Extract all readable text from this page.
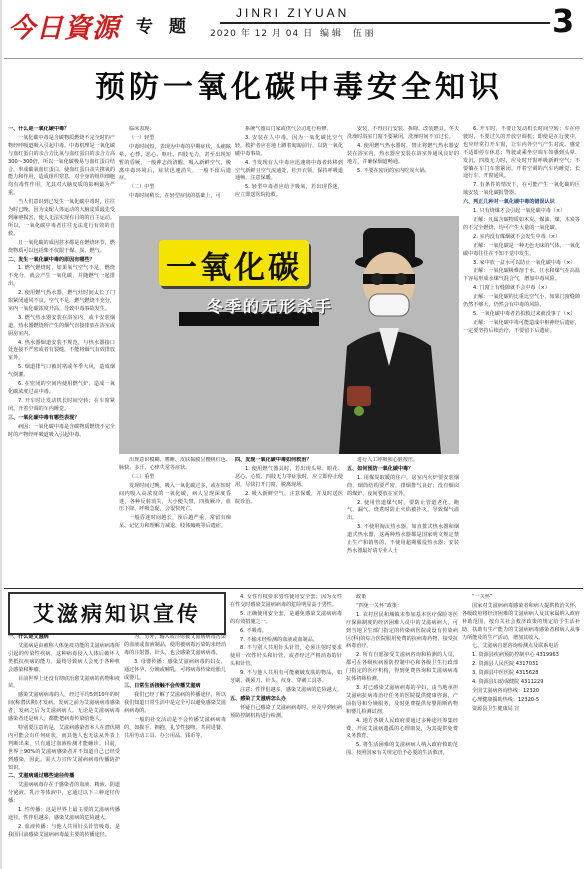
今日資源 专题
JINRI ZIYUAN
2020 年 12 月 04 日 编 辑 　伍 丽	3
预防一氧化碳中毒安全知识

一、什么是一氧化碳中毒？

一氧化碳中毒是含碳物质燃烧不完全时的产物经呼吸道吸入引起中毒。中毒机理是一氧化碳与血红蛋白的亲合力比氧与血红蛋白的亲合力高300～300倍，所以一氧化碳极易与血红蛋白结合，形成碳氧血红蛋白，使血红蛋白丧失携氧的能力和作用，造成组织窒息。对全身的组织细胞均有毒性作用，尤其对大脑皮质的影响最为严重。

当人们意识到已发生一氧化碳中毒时，往往为时已晚。因为支配人体运动的大脑皮质最先受到麻痹损害，使人无法实现有目的的自主运动。所以，一氧化碳中毒者往往无法进行有效的自救。

且一氧化碳的成因甚本都是在燃烧环节，燃烧物质可以包括柴不仅限于煤、炭、燃气。

二、发生一氧化碳中毒的原因有哪些？

1. 燃气燃烧时，如果氧气空气不足，燃烧不充分，就会产生一氧化碳，并随燃气一起排出。

2. 使用燃气热水器，燃气灶时间太长了门窗紧闭通风不良，空气不足，燃气燃烧不充分，室内一氧化碳浓度升高，导致中毒事故发生。

3. 燃气热水器安装在浴室内，或卡安装烟道，热水器燃烧所产生的烟气直接排放在浴室或厨房室内。

4. 热水器烟道安装不规范，与热水器接口处连接不严密或者有裂缝，不能将烟气有效排放室外。

5. 烟道排气口被封堵或冬季大风，造成烟气倒灌。

6. 在密闭的空间内使用燃气炉，造成一氧化碳浓度过高中毒。

7. 开车时让发动机长时间空转；在车窗紧闭、开着空调的车内睡觉。

三、一氧化碳中毒有哪些表现？

病因：一氧化碳中毒是含碳物质燃烧不完全时的产物经呼吸道吸入引起中毒。

临床表现：

（一）轻型

中毒时间短，表现为中毒的早期症状，头痛眩晕、心悸、恶心、呕吐、四肢无力，甚至出现短暂的昏厥，一般神志尚清醒，吸入新鲜空气，脱离中毒环境后，症状迅速消失，一般不留后遗症。

（二）中型

中毒时间稍长，在轻型症状的基础上，可

系统气器具门家或供气公司进行检修。

3. 安装在人中毒，因为一氧化碳比空气轻，救护者应在地上蹲着匍匐前行，以防一氧化碳中毒事故。

4. 当发现有人中毒应迅速将中毒者转移到空气新鲜且空气流通处，松开衣领，保持呼吸道通畅，注意保暖。

5. 轻型中毒者应给予吸氧，若出现昏迷，应立即送医院抢救。

安装，不得自行安装、拆除、改装燃具。冬天洗澡时浴室门窗不要紧闭，洗澡时间不宜过长。

4. 使用燃气热水器时，禁止将燃气热水器安装在浴室内，热水器应安装在浴室外通风良好的地方，并确保烟道畅通。

5. 不要在密闭的室内吃炭火锅。

6. 开车时，不要让发动机长时间空转；车在停驶时，不要过久的开放空调机；即使是在行驶中，也应经常打开车窗，让车内外空气产生对流。感觉不适即停车休息；驾驶或乘坐空调车如感到头晕、发沉、四肢无力时，应及时开窗呼吸新鲜空气；不要躺在车门车窗紧闭、开着空调的汽车内睡觉；长途行车，开窗通风。

7. 有条件的情况下，在可能产生一氧化碳的区域安装一氧化碳报警器。

六、判正几种对一氧化碳中毒的错误认识

1. 只有烧煤才会引起一氧化碳中毒（×）

正解：凡属含碳物质如木炭、煤油、煤、木炭等的不完全燃烧，均可产生大量的一氧化碳。

2. 室内没有煤烟就不会发生中毒（×）

正解：一氧化碳是一种无色无味的气体，一氧化碳中毒往往在不知不觉中发生。

3. 家中放一盆水可以防止一氧化碳中毒（×）

正解：一氧化碳极难溶于水，且水和煤气在高温下容易形成水煤气混合气，增加中毒风险。

4. 门窗上有缝隙就不会中毒（×）

正解：一氧化碳的比重比空气小，如果门窗缝隙仍然不够大，仍然会有中毒的风险。

5. 一氧化碳中毒者若拍救过来就没事了（×）

正解：一氧化碳中毒可能造成中枢神经后遗症，一定要坚持后续治疗，不要留下后遗症。

一氧化碳
冬季的无形杀手

出现意识模糊、嗜睡、皮肤黏膜呈樱桃红色、脉快、多汗、心律失常等症状。

（三）重型

发现时间过晚，吸入一氧化碳过多，或在短时间内吸入高浓度的一氧化碳，病人呈现深度昏迷，各种反射消失，大小便失禁，四肢厥冷，血压下降，呼吸急促，会很快死亡。

一般昏迷时间越长，预后越严重，常留有痴呆、记忆力和理解力减退、肢体瘫痪等后遗症。

四、发现一氧化碳中毒如何救治？

1. 使用燃气器具时，若出现头晕、眼花、恶心、心慌、四肢无力等症状时，应立即停止使用，尽快打开门窗，脱离现场。

2. 吸入新鲜空气，注意保暖，并及时送医院诊治。

进行人工呼吸和心脏按压。

五、如何预防一氧化碳中毒？

1. 用煤炭取暖的住户，居室内火炉要安装烟筒，烟筒结构要严密，排烟排气良好；没有烟囱的煤炉，夜间要放在室外。

2. 使用管道煤气时，要防止管道老化、跑气、漏气、烧煮时防止火焰被扑灭，导致煤气溢出。

3. 不使用淘汰热水器，如直排式热水器和烟道式热水器，这两种热水器都是国家明文规定禁止生产和销售的，不使用超期服役热水器；安装热水器最好请专业人士

艾滋病知识宣传

一、什么是艾滋病

艾滋病是由被称人体免疫功能的艾滋病病毒所引起的传染性疾病，这种病毒侵入人体后破坏人类抵抗疾病的能力，最终导致病人会死于各种机会感染和肿瘤。

目前世界上还没有彻底治愈艾滋病的药物和疫苗。

感染艾滋病病毒的人，经过平均5到10年的时间(称潜伏期)才发病。发病之前为艾滋病病毒感染者，发病之后为艾滋病病人。无论是艾滋病病毒感染者还是病人，都能把病毒传染给他人。

特别要注意的是，艾滋病感染者本人在潜伏期内可能会有任何症状，而其他人也无法从外表上判断出来，只有通过血液检测才能确诊。目前，世界上90%的艾滋病感染者并不知道自己已经受到感染，因此，需大力宣传艾滋病病毒传播防护知识。

二、艾滋病通过哪些途径传播

艾滋病病毒存在于感染者的血液、精液、阴道分泌液、乳汁等体液中，它通过以下三种途径传播：

1. 性传播：这是世界上最主要的艾滋病传播途径。性伴侣越多，感染艾滋病的危险越大。

2. 血液传播：与他人共用针头针管吸毒，是我国目前感染艾滋病病毒最主要的传播途径。

为。另外，输入或注射被艾滋病病毒污染的血液或血液制品，使用被病毒污染的未经消毒的注射器、针头，也会感染艾滋病病毒。

3. 母婴传播：感染艾滋病病毒的妇女，通过怀孕、分娩或哺乳，可将病毒传染给胎儿或婴儿。

三、日常生活接触不会传播艾滋病

我们已经了解了艾滋病的传播途径，所以我们知道日常生活中是完全可以避免感染艾滋病病毒的。

一般的社交活动是不会传播艾滋病病毒的，如握手、拥抱、礼节性接吻、共同进餐、共用劳动工具、办公用品、钱币等。

4. 女性有权要求男性使用安全套；因为女性在性交时感染艾滋病病毒的危险明显高于男性。

5. 正确使用安全套，是避免感染艾滋病病毒的有效措施之一。

6. 不吸毒。

7. 不输未经检测的血液或血制品。

8. 不与别人共用针头针管，必须注射时要求使用一次性针头和针管，或者经过严格消毒的针头和针管。

9. 不与他人共用有可能刺破皮肤的物品，如牙刷、剃须刀、针头、纹身、穿刺工具等。

注意：性伴侣越多，感染艾滋病的危险越大。

五、感染了艾滋病怎么办

怀疑自己感染了艾滋病病毒时，应及早到疾病预防控制机构进行检测。

政策

“四免一关怀”政策：

1. 农村居民和城镇未参加基本医疗保险等医疗保障制度的经济困难人员中的艾滋病病人，可到当地卫生部门指定的传染病医院或设有传染病区(科)的综合医院服用免费的抗病毒药物，接受抗病毒治疗。

2. 所有自愿接受艾滋病咨询和检测的人员，都可在各级疾病预防控制中心和各级卫生行政部门指定的医疗机构，得到免费咨询和艾滋病病毒抗体初筛检测。

3. 对已感染艾滋病病毒的孕妇，由当地承担艾滋病抗病毒治疗任务的医院提供健康咨询、产前指导和分娩服务，及时免费提供母婴阻断药物和婴儿检测试剂。

4. 地方各级人民政府要通过多种途径筹集经费，开展艾滋病遗孤的心理康复，为其提供免费义务教育。

5. 将生活困难的艾滋病病人纳入政府救助范围，按照国家有关规定给予必要的生活救济。

“一关怀”

国家对艾滋病病毒感染者和病人提供救治关怀，各级政府将经济困难的艾滋病病人及其家属纳入政府补助范围，按有关社会救济政策的规定给予生活补助，扶助有生产能力的艾滋病病毒感染者和病人从事力所能及的生产活动，增加其收入。

七、艾滋病自愿咨询检测点及联系电话

1. 资源县疾病预防控制中心 4319963

2. 资源县人民医院 4317031

3. 资源县中医医院 4315628

4. 资源县妇幼保健院 4311229

全国艾滋病咨询热线：12320

心理健康援助热线：12320-5

资源县卫生健康局 宣
